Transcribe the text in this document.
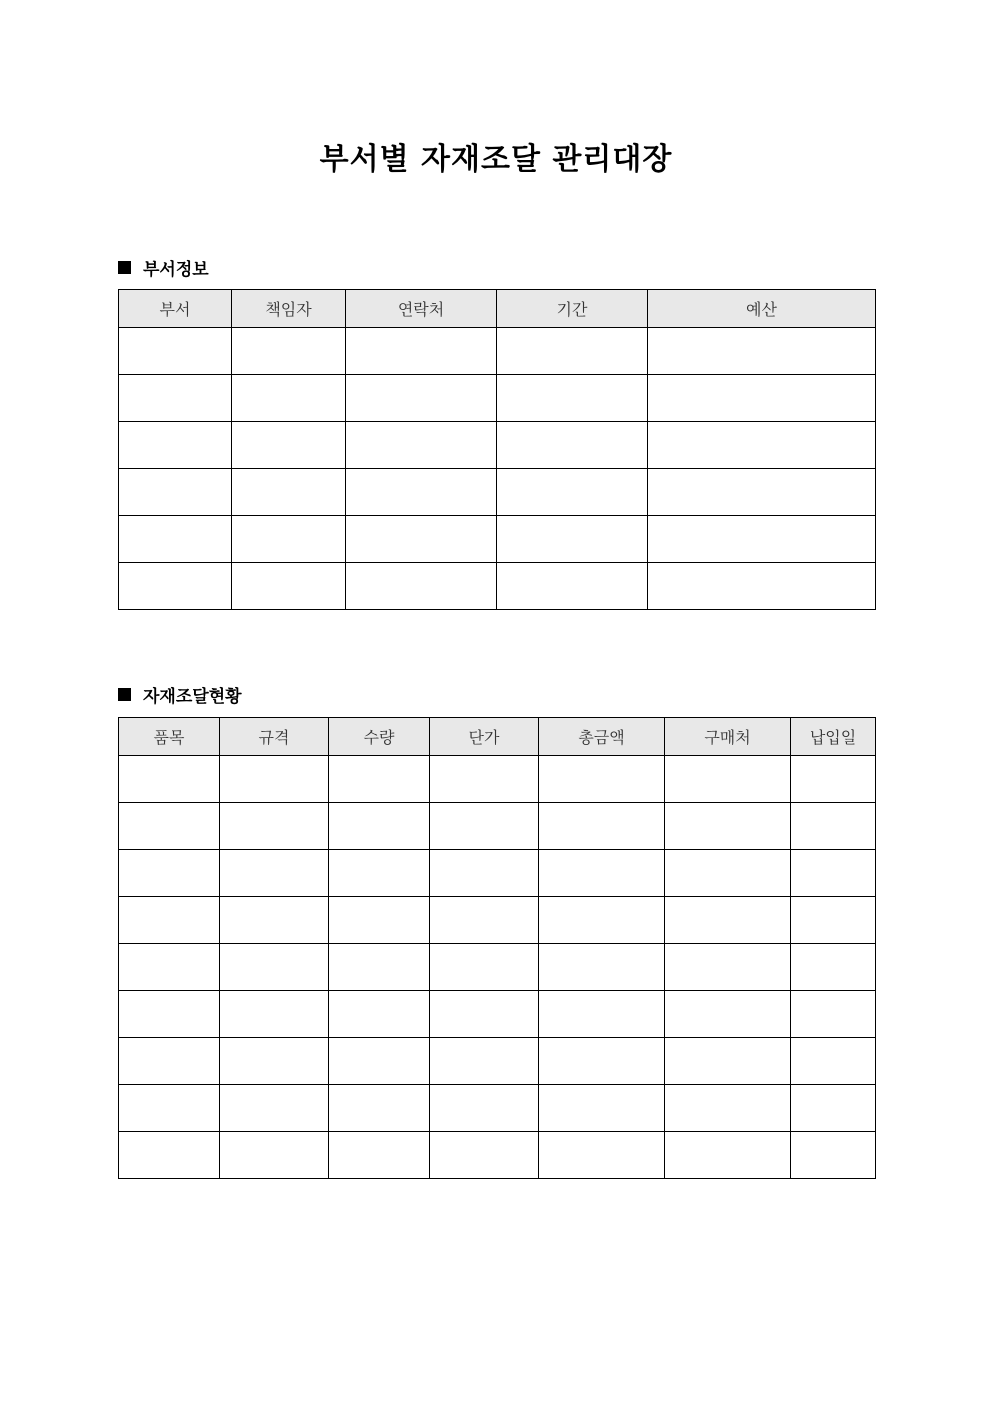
부서별 자재조달 관리대장
부서정보
부서	책임자	연락처	기간	예산

자재조달현황
품목	규격	수량	단가	총금액	구매처	납입일
